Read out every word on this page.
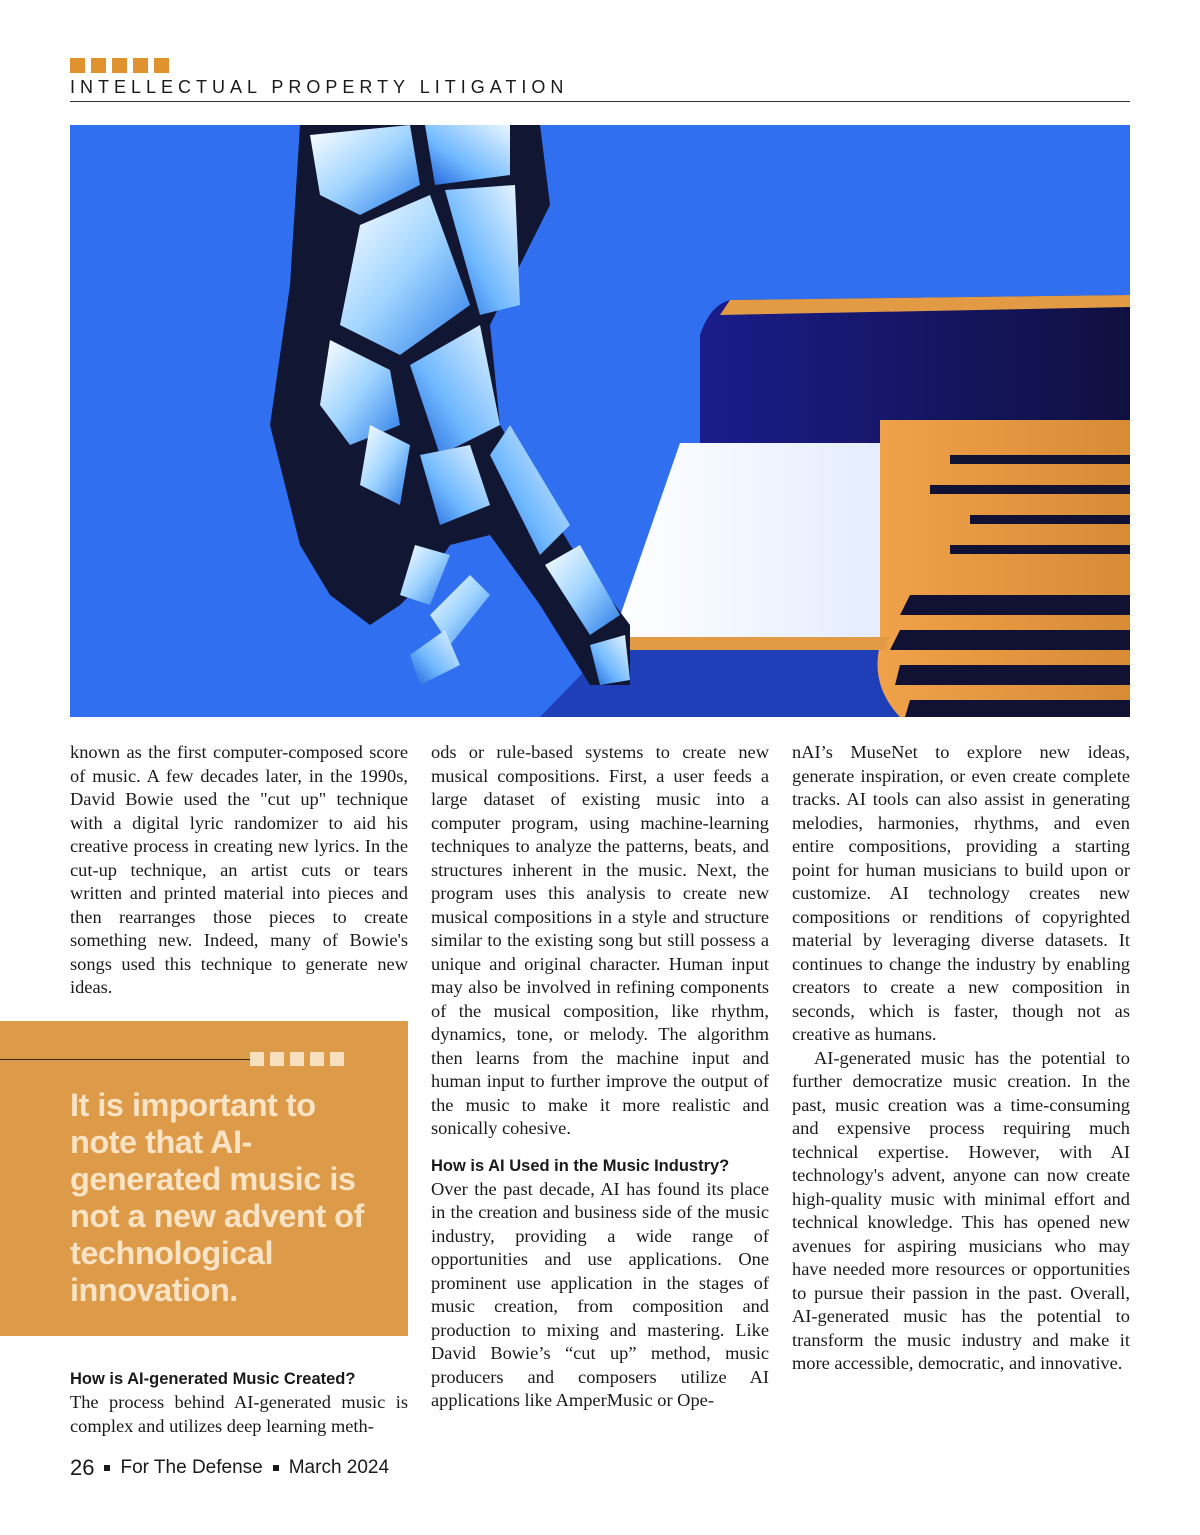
INTELLECTUAL PROPERTY LITIGATION

known as the first computer-composed score of music. A few decades later, in the 1990s, David Bowie used the "cut up" technique with a digital lyric randomizer to aid his creative process in creating new lyrics. In the cut-up technique, an artist cuts or tears written and printed material into pieces and then rearranges those pieces to create something new. Indeed, many of Bowie's songs used this technique to generate new ideas.

It is important to note that AI-generated music is not a new advent of technological innovation.
How is AI-generated Music Created?

The process behind AI-generated music is complex and utilizes deep learning meth-

ods or rule-based systems to create new musical compositions. First, a user feeds a large dataset of existing music into a computer program, using machine-learning techniques to analyze the patterns, beats, and structures inherent in the music. Next, the program uses this analysis to create new musical compositions in a style and structure similar to the existing song but still possess a unique and original character. Human input may also be involved in refining components of the musical composition, like rhythm, dynamics, tone, or melody. The algorithm then learns from the machine input and human input to further improve the output of the music to make it more realistic and sonically cohesive.

How is AI Used in the Music Industry?

Over the past decade, AI has found its place in the creation and business side of the music industry, providing a wide range of opportunities and use applications. One prominent use application in the stages of music creation, from composition and production to mixing and mastering. Like David Bowie’s “cut up” method, music producers and composers utilize AI applications like AmperMusic or Ope-

nAI’s MuseNet to explore new ideas, generate inspiration, or even create complete tracks. AI tools can also assist in generating melodies, harmonies, rhythms, and even entire compositions, providing a starting point for human musicians to build upon or customize. AI technology creates new compositions or renditions of copyrighted material by leveraging diverse datasets. It continues to change the industry by enabling creators to create a new composition in seconds, which is faster, though not as creative as humans.

AI-generated music has the potential to further democratize music creation. In the past, music creation was a time-consuming and expensive process requiring much technical expertise. However, with AI technology's advent, anyone can now create high-quality music with minimal effort and technical knowledge. This has opened new avenues for aspiring musicians who may have needed more resources or opportunities to pursue their passion in the past. Overall, AI-generated music has the potential to transform the music industry and make it more accessible, democratic, and innovative.

26 For The Defense March 2024
